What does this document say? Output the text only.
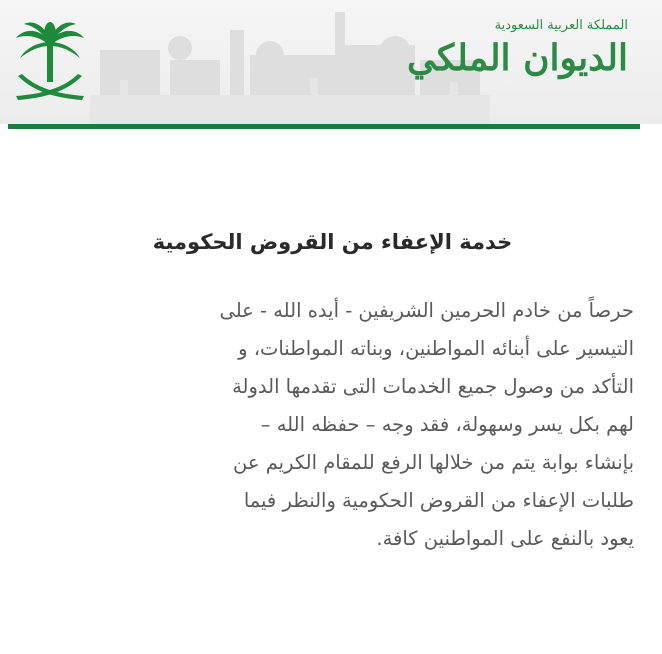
المملكة العربية السعودية
الديوان الملكي
خدمة الإعفاء من القروض الحكومية
حرصاً من خادم الحرمين الشريفين - أيده الله - على
التيسير على أبنائه المواطنين، وبناته المواطنات، و
التأكد من وصول جميع الخدمات التى تقدمها الدولة
لهم بكل يسر وسهولة، فقد وجه – حفظه الله –
بإنشاء بوابة يتم من خلالها الرفع للمقام الكريم عن
طلبات الإعفاء من القروض الحكومية والنظر فيما
يعود بالنفع على المواطنين كافة.
